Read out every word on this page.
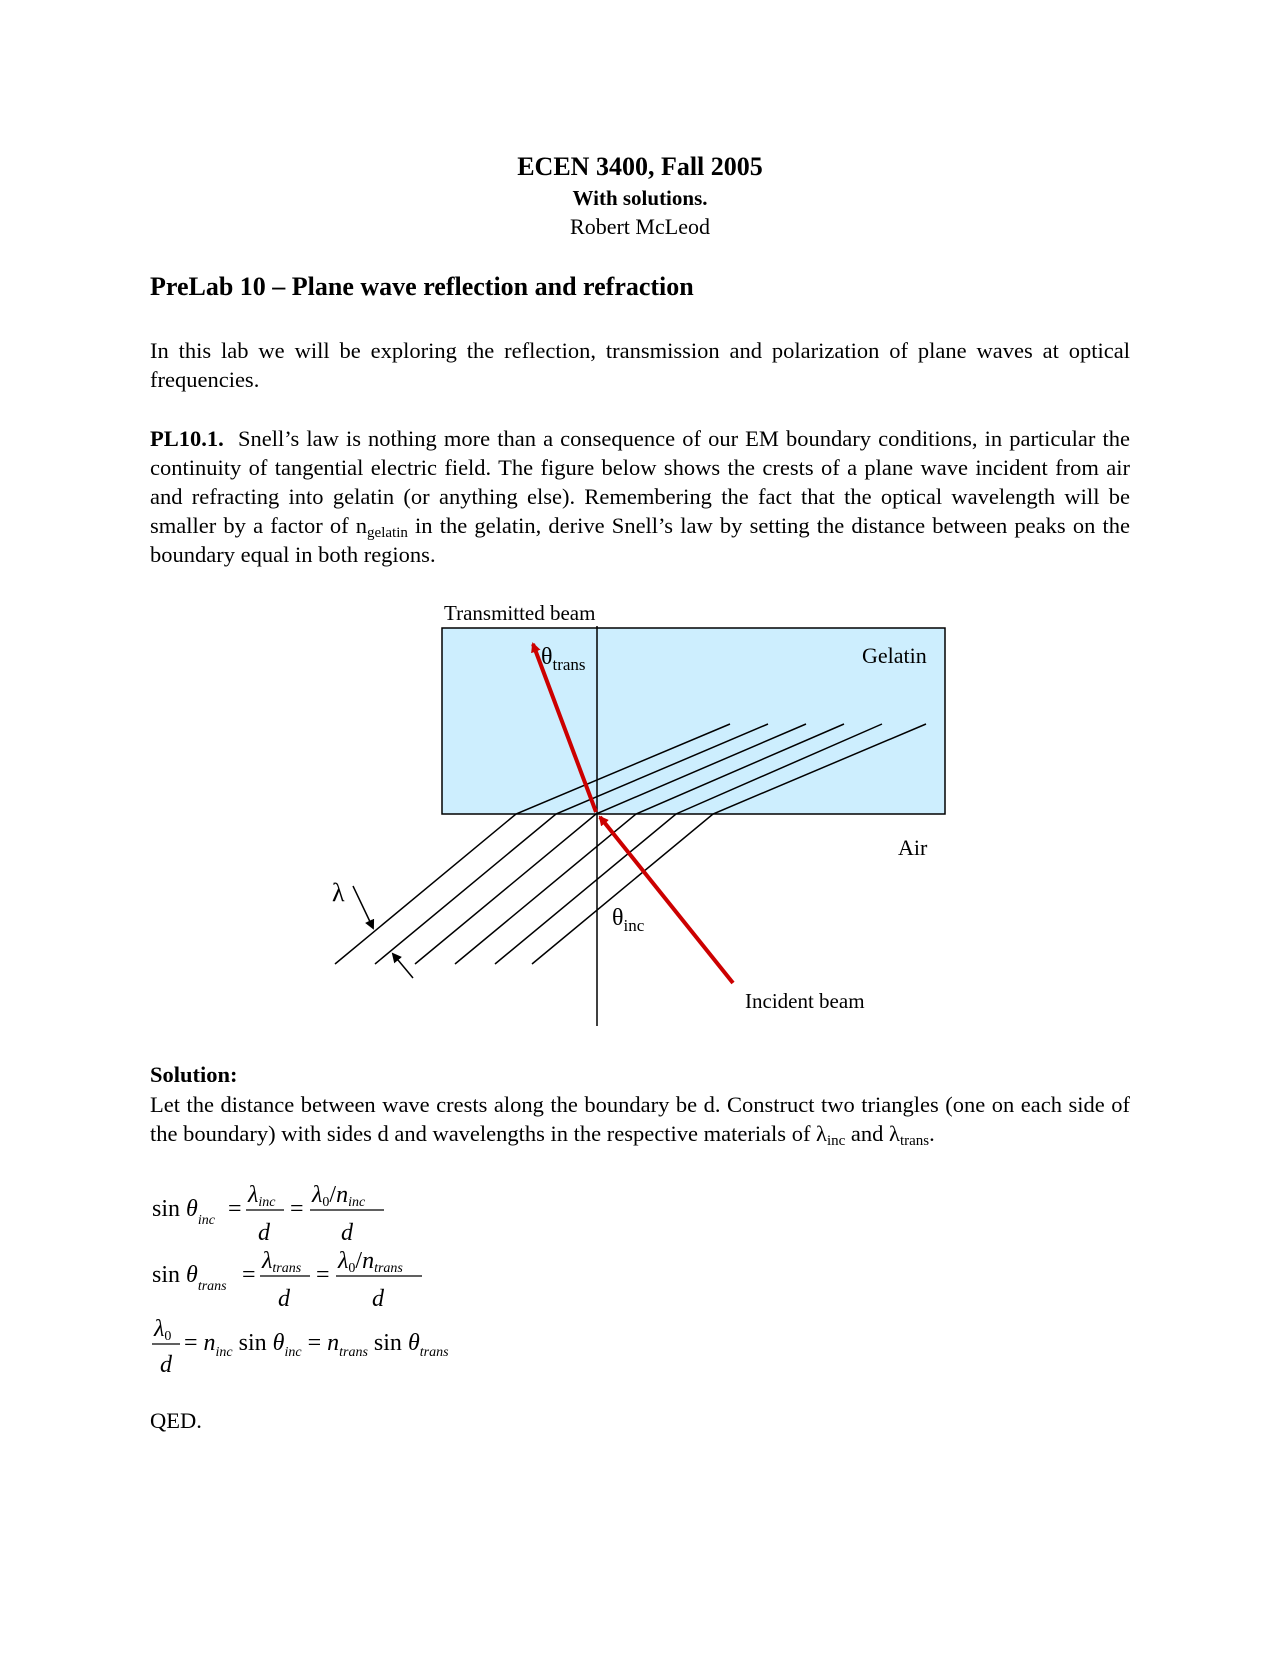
ECEN 3400, Fall 2005
With solutions.
Robert McLeod
PreLab 10 – Plane wave reflection and refraction
In this lab we will be exploring the reflection, transmission and polarization of plane waves at optical frequencies.
PL10.1. Snell’s law is nothing more than a consequence of our EM boundary conditions, in particular the continuity of tangential electric field. The figure below shows the crests of a plane wave incident from air and refracting into gelatin (or anything else). Remembering the fact that the optical wavelength will be smaller by a factor of $n_{gelatin}$ in the gelatin, derive Snell’s law by setting the distance between peaks on the boundary equal in both regions.
Transmitted beam
Gelatin
Air
Incident beam
λ
$\theta_{trans}$
$\theta_{inc}$
Solution:
Let the distance between wave crests along the boundary be d. Construct two triangles (one on each side of the boundary) with sides d and wavelengths in the respective materials of $\lambda_{inc}$ and $\lambda_{trans}$.
$\sin \theta_{inc}$ =
λinc
d
=
λ0/ninc
d
$\sin \theta_{trans}$ =
λtrans
d
=
λ0/ntrans
d
λ0
d
= $n_{inc}$ $\sin \theta_{inc} = n_{trans}$ $\sin \theta_{trans}$
QED.
